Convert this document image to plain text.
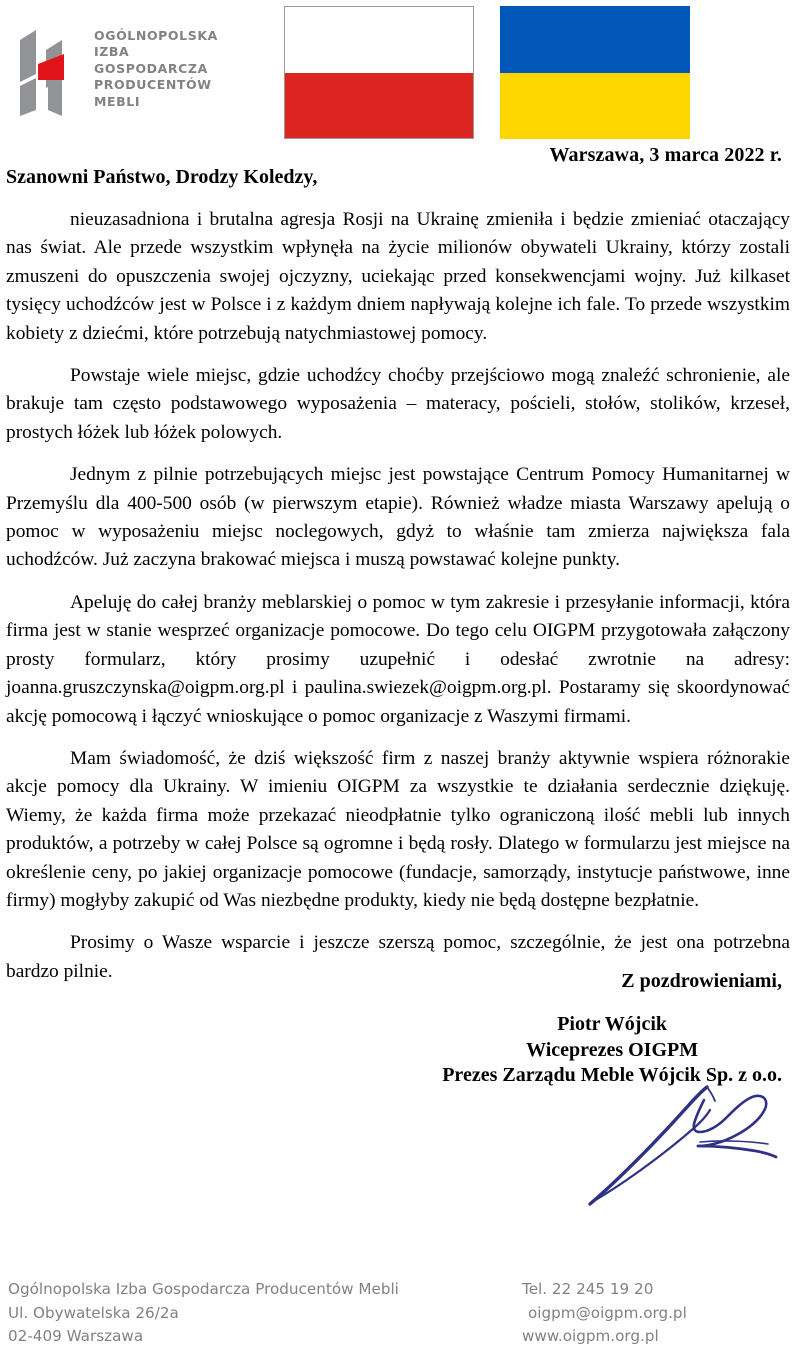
OGÓLNOPOLSKA
IZBA
GOSPODARCZA
PRODUCENTÓW
MEBLI
Warszawa, 3 marca 2022 r.
Szanowni Państwo, Drodzy Koledzy,

nieuzasadniona i brutalna agresja Rosji na Ukrainę zmieniła i będzie zmieniać otaczający nas świat. Ale przede wszystkim wpłynęła na życie milionów obywateli Ukrainy, którzy zostali zmuszeni do opuszczenia swojej ojczyzny, uciekając przed konsekwencjami wojny. Już kilkaset tysięcy uchodźców jest w Polsce i z każdym dniem napływają kolejne ich fale. To przede wszystkim kobiety z dziećmi, które potrzebują natychmiastowej pomocy.

Powstaje wiele miejsc, gdzie uchodźcy choćby przejściowo mogą znaleźć schronienie, ale brakuje tam często podstawowego wyposażenia – materacy, pościeli, stołów, stolików, krzeseł, prostych łóżek lub łóżek polowych.

Jednym z pilnie potrzebujących miejsc jest powstające Centrum Pomocy Humanitarnej w Przemyślu dla 400-500 osób (w pierwszym etapie). Również władze miasta Warszawy apelują o pomoc w wyposażeniu miejsc noclegowych, gdyż to właśnie tam zmierza największa fala uchodźców. Już zaczyna brakować miejsca i muszą powstawać kolejne punkty.

Apeluję do całej branży meblarskiej o pomoc w tym zakresie i przesyłanie informacji, która firma jest w stanie wesprzeć organizacje pomocowe. Do tego celu OIGPM przygotowała załączony prosty formularz, który prosimy uzupełnić i odesłać zwrotnie na adresy: joanna.gruszczynska@oigpm.org.pl i paulina.swiezek@oigpm.org.pl. Postaramy się skoordynować akcję pomocową i łączyć wnioskujące o pomoc organizacje z Waszymi firmami.

Mam świadomość, że dziś większość firm z naszej branży aktywnie wspiera różnorakie akcje pomocy dla Ukrainy. W imieniu OIGPM za wszystkie te działania serdecznie dziękuję. Wiemy, że każda firma może przekazać nieodpłatnie tylko ograniczoną ilość mebli lub innych produktów, a potrzeby w całej Polsce są ogromne i będą rosły. Dlatego w formularzu jest miejsce na określenie ceny, po jakiej organizacje pomocowe (fundacje, samorządy, instytucje państwowe, inne firmy) mogłyby zakupić od Was niezbędne produkty, kiedy nie będą dostępne bezpłatnie.

Prosimy o Wasze wsparcie i jeszcze szerszą pomoc, szczególnie, że jest ona potrzebna bardzo pilnie.	Z pozdrowieniami,
Piotr Wójcik
Wiceprezes OIGPM
Prezes Zarządu Meble Wójcik Sp. z o.o.
Ogólnopolska Izba Gospodarcza Producentów Mebli
Ul. Obywatelska 26/2a
02-409 Warszawa
Tel. 22 245 19 20
oigpm@oigpm.org.pl
www.oigpm.org.pl
